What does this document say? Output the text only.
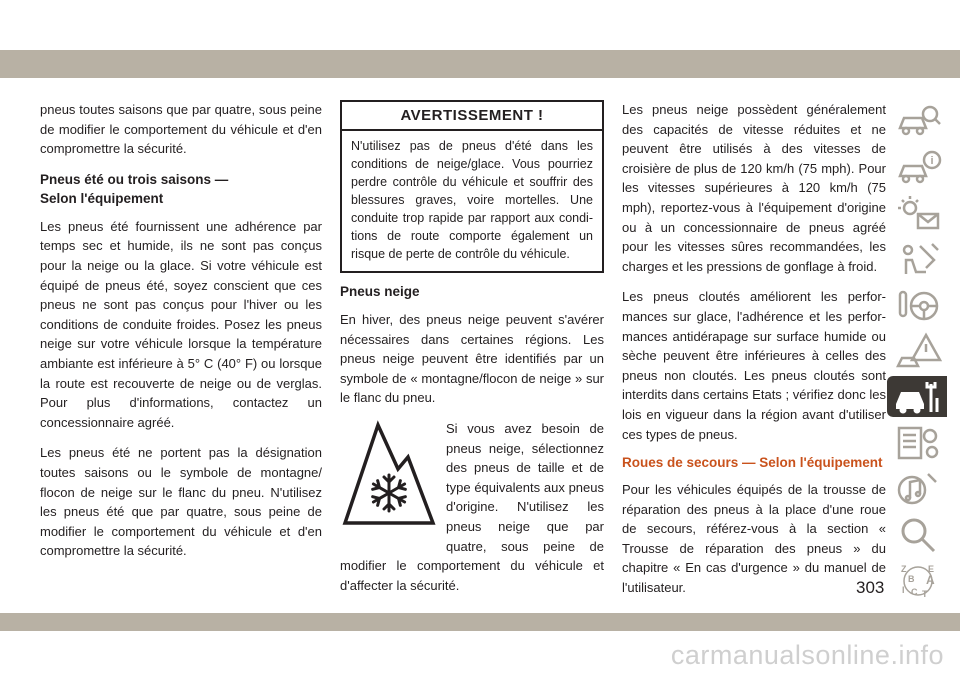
pneus toutes saisons que par quatre, sous peine de modifier le comportement du véhicule et d'en compromettre la sécurité.

Pneus été ou trois saisons —
Selon l'équipement

Les pneus été fournissent une adhérence par temps sec et humide, ils ne sont pas conçus pour la neige ou la glace. Si votre véhicule est équipé de pneus été, soyez conscient que ces pneus ne sont pas conçus pour l'hiver ou les conditions de conduite froides. Posez les pneus neige sur votre véhicule lorsque la température ambiante est inférieure à 5° C (40° F) ou lorsque la route est recouverte de neige ou de verglas. Pour plus d'informations, contactez un concessionnaire agréé.

Les pneus été ne portent pas la désignation toutes saisons ou le symbole de montagne/ flocon de neige sur le flanc du pneu. N'utilisez les pneus été que par quatre, sous peine de modifier le comportement du véhicule et d'en compromettre la sécurité.

AVERTISSEMENT !
N'utilisez pas de pneus d'été dans les conditions de neige/glace. Vous pourriez perdre contrôle du véhicule et souffrir des blessures graves, voire mortelles. Une conduite trop rapide par rapport aux conditions de route comporte également un risque de perte de contrôle du véhicule.
Pneus neige

En hiver, des pneus neige peuvent s'avérer nécessaires dans certaines régions. Les pneus neige peuvent être identifiés par un symbole de « montagne/flocon de neige » sur le flanc du pneu.

Si vous avez besoin de pneus neige, sélectionnez des pneus de taille et de type équivalents aux pneus d'origine. N'utilisez les pneus neige que par quatre, sous peine de modifier le comportement du véhicule et d'affecter la sécurité.

Les pneus neige possèdent généralement des capacités de vitesse réduites et ne peuvent être utilisés à des vitesses de croisière de plus de 120 km/h (75 mph). Pour les vitesses supérieures à 120 km/h (75 mph), reportez-vous à l'équipement d'origine ou à un concessionnaire de pneus agréé pour les vitesses sûres recommandées, les charges et les pressions de gonflage à froid.

Les pneus cloutés améliorent les performances sur glace, l'adhérence et les performances antidérapage sur surface humide ou sèche peuvent être inférieures à celles des pneus non cloutés. Les pneus cloutés sont interdits dans certains Etats ; vérifiez donc les lois en vigueur dans la région avant d'utiliser ces types de pneus.

Roues de secours — Selon l'équipement

Pour les véhicules équipés de la trousse de réparation des pneus à la place d'une roue de secours, référez-vous à la section « Trousse de réparation des pneus » du chapitre « En cas d'urgence » du manuel de l'utilisateur.

i
Z E
B A
I C T
303
carmanualsonline.info
